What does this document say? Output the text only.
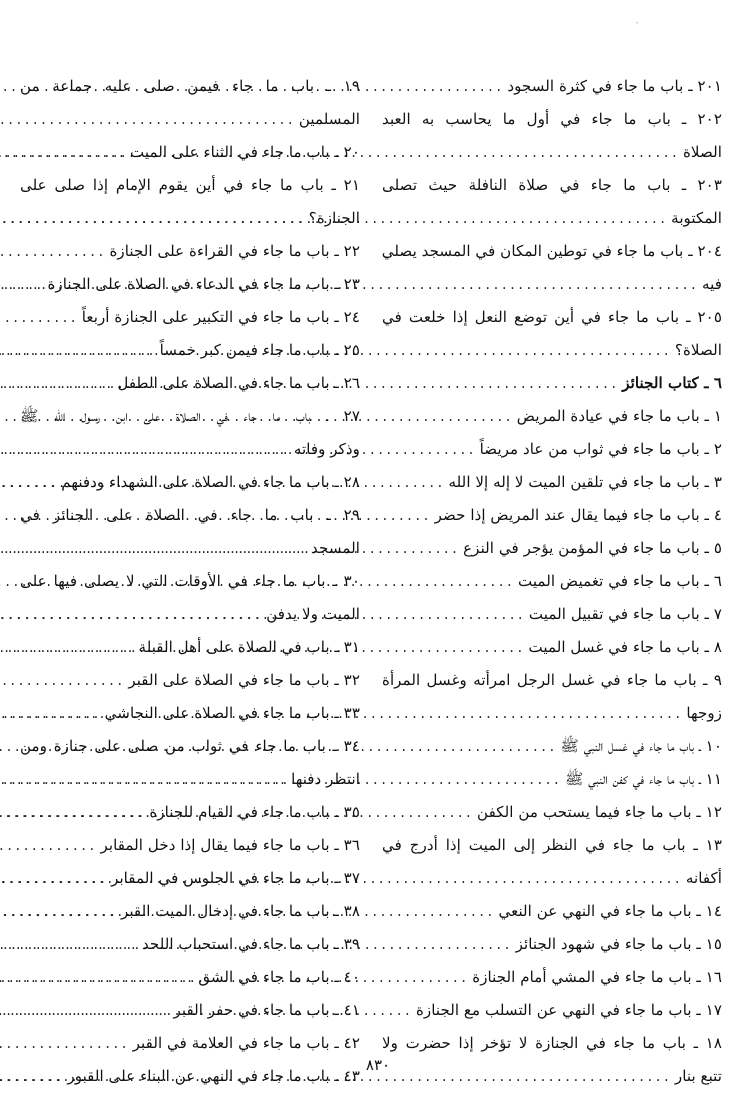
٠
٢٠١ ـ باب ما جاء في كثرة السجود
.....
٢٠٢ ـ باب ما جاء في أول ما يحاسب به العبد
الصلاة
.....
٢٠٣ ـ باب ما جاء في صلاة النافلة حيث تصلى
المكتوبة
.....
٢٠٤ ـ باب ما جاء في توطين المكان في المسجد يصلي
فيه
.....
٢٠٥ ـ باب ما جاء في أين توضع النعل إذا خلعت في
الصلاة؟
.....
٦ ـ كتاب الجنائز
.....
١ ـ باب ما جاء في عيادة المريض
.....
٢ ـ باب ما جاء في ثواب من عاد مريضاً
.....
٣ ـ باب ما جاء في تلقين الميت لا إله إلا الله
.....
٤ ـ باب ما جاء فيما يقال عند المريض إذا حضر
.....
٥ ـ باب ما جاء في المؤمن يؤجر في النزع
.....
٦ ـ باب ما جاء في تغميض الميت
.....
٧ ـ باب ما جاء في تقبيل الميت
.....
٨ ـ باب ما جاء في غسل الميت
.....
٩ ـ باب ما جاء في غسل الرجل امرأته وغسل المرأة
زوجها
.....
١٠ ـ باب ما جاء في غسل النبي ﷺ
.....
١١ ـ باب ما جاء في كفن النبي ﷺ
.....
١٢ ـ باب ما جاء فيما يستحب من الكفن
.....
١٣ ـ باب ما جاء في النظر إلى الميت إذا أدرج في
أكفانه
.....
١٤ ـ باب ما جاء في النهي عن النعي
.....
١٥ ـ باب ما جاء في شهود الجنائز
.....
١٦ ـ باب ما جاء في المشي أمام الجنازة
.....
١٧ ـ باب ما جاء في النهي عن التسلب مع الجنازة
.....
١٨ ـ باب ما جاء في الجنازة لا تؤخر إذا حضرت ولا
تتبع بنار
.....
١٩ ـ باب ما جاء فيمن صلى عليه جماعة من
المسلمين
.....
٢٠ ـ باب ما جاء في الثناء على الميت
.....
٢١ ـ باب ما جاء في أين يقوم الإمام إذا صلى على
الجنازة؟
.....
٢٢ ـ باب ما جاء في القراءة على الجنازة
.....
٢٣ ـ باب ما جاء في الدعاء في الصلاة على الجنازة
.....
٢٤ ـ باب ما جاء في التكبير على الجنازة أربعاً
.....
٢٥ ـ باب ما جاء فيمن كبر خمساً
.....
٢٦ ـ باب ما جاء في الصلاة على الطفل
.....
٢٧ ـ باب ما جاء في الصلاة على ابن رسول الله ﷺ
وذكر وفاته
.....
٢٨ ـ باب ما جاء في الصلاة على الشهداء ودفنهم
.....
٢٩ ـ باب ما جاء في الصلاة على الجنائز في
المسجد
.....
٣٠ ـ باب ما جاء في الأوقات التي لا يصلى فيها على
الميت ولا يدفن
.....
٣١ ـ باب في الصلاة على أهل القبلة
.....
٣٢ ـ باب ما جاء في الصلاة على القبر
.....
٣٣ ـ باب ما جاء في الصلاة على النجاشي
.....
٣٤ ـ باب ما جاء في ثواب من صلى على جنازة ومن
انتظر دفنها
.....
٣٥ ـ باب ما جاء في القيام للجنازة
.....
٣٦ ـ باب ما جاء فيما يقال إذا دخل المقابر
.....
٣٧ ـ باب ما جاء في الجلوس في المقابر
.....
٣٨ ـ باب ما جاء في إدخال الميت القبر
.....
٣٩ ـ باب ما جاء في استحباب اللحد
.....
٤٠ ـ باب ما جاء في الشق
.....
٤١ ـ باب ما جاء في حفر القبر
.....
٤٢ ـ باب ما جاء في العلامة في القبر
.....
٤٣ ـ باب ما جاء في النهي عن البناء على القبور
.....
٨٣٠
